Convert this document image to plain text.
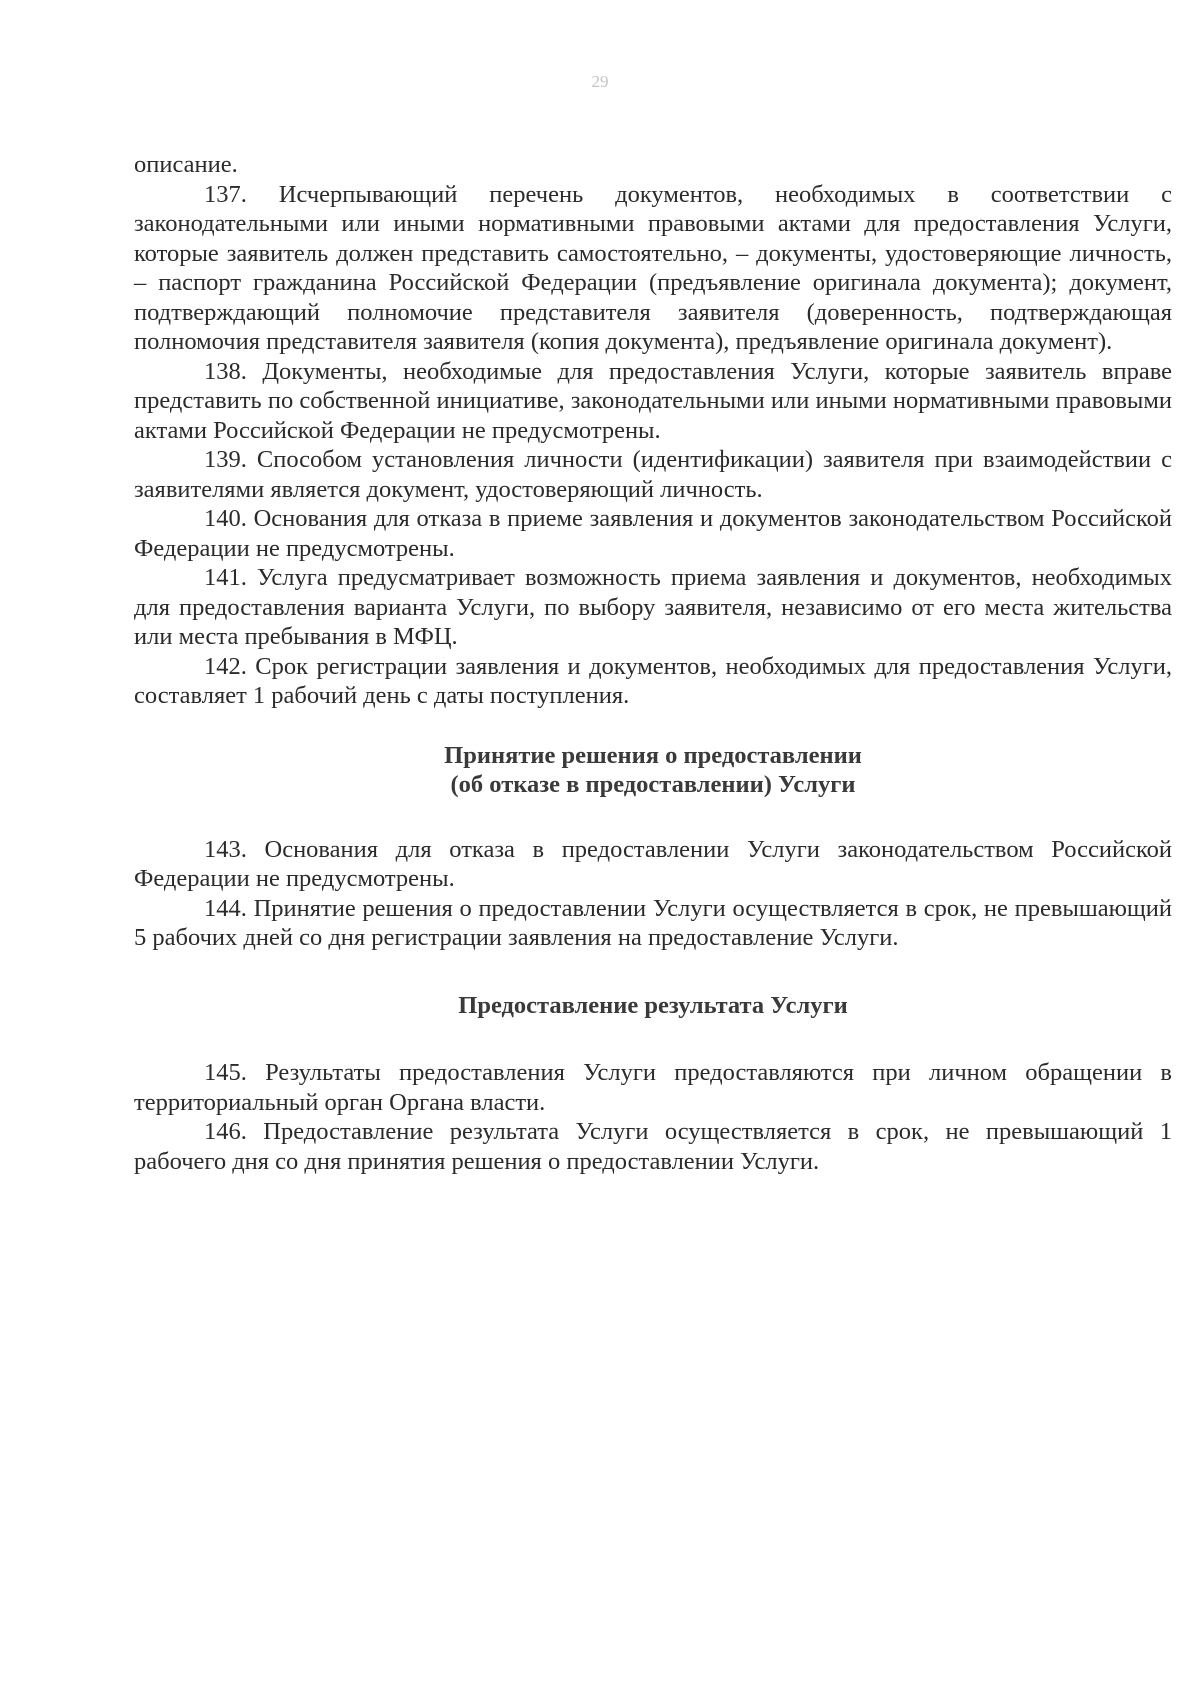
29

описание.

137. Исчерпывающий перечень документов, необходимых в соответствии с законодательными или иными нормативными правовыми актами для предоставления Услуги, которые заявитель должен представить самостоятельно, – документы, удостоверяющие личность, – паспорт гражданина Российской Федерации (предъявление оригинала документа); документ, подтверждающий полномочие представителя заявителя (доверенность, подтверждающая полномочия представителя заявителя (копия документа), предъявление оригинала документ).

138. Документы, необходимые для предоставления Услуги, которые заявитель вправе представить по собственной инициативе, законодательными или иными нормативными правовыми актами Российской Федерации не предусмотрены.

139. Способом установления личности (идентификации) заявителя при взаимодействии с заявителями является документ, удостоверяющий личность.

140. Основания для отказа в приеме заявления и документов законодательством Российской Федерации не предусмотрены.

141. Услуга предусматривает возможность приема заявления и документов, необходимых для предоставления варианта Услуги, по выбору заявителя, независимо от его места жительства или места пребывания в МФЦ.

142. Срок регистрации заявления и документов, необходимых для предоставления Услуги, составляет 1 рабочий день с даты поступления.

Принятие решения о предоставлении
(об отказе в предоставлении) Услуги

143. Основания для отказа в предоставлении Услуги законодательством Российской Федерации не предусмотрены.

144. Принятие решения о предоставлении Услуги осуществляется в срок, не превышающий 5 рабочих дней со дня регистрации заявления на предоставление Услуги.

Предоставление результата Услуги

145. Результаты предоставления Услуги предоставляются при личном обращении в территориальный орган Органа власти.

146. Предоставление результата Услуги осуществляется в срок, не превышающий 1 рабочего дня со дня принятия решения о предоставлении Услуги.
